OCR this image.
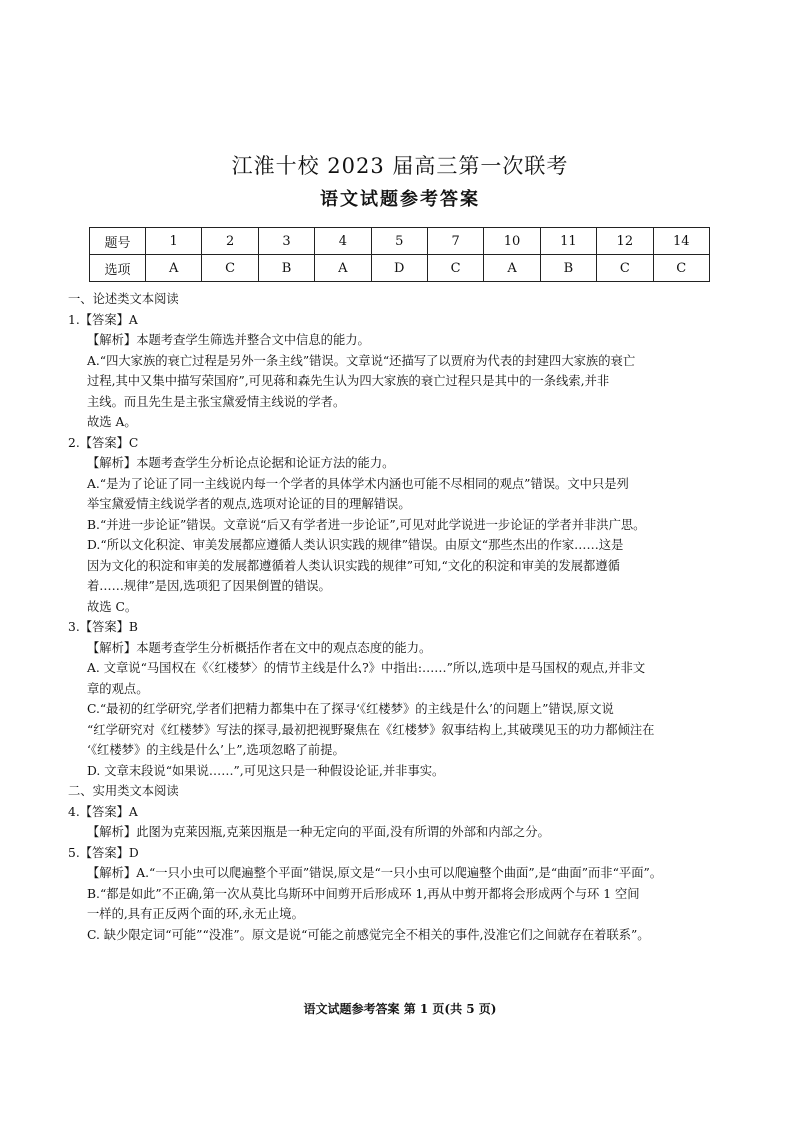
江淮十校 2023 届高三第一次联考
语文试题参考答案
题号	1	2	3	4	5	7	10	11	12	14
选项	A	C	B	A	D	C	A	B	C	C

一、论述类文本阅读

1.【答案】A

【解析】本题考查学生筛选并整合文中信息的能力。

A.“四大家族的衰亡过程是另外一条主线”错误。文章说“还描写了以贾府为代表的封建四大家族的衰亡

过程,其中又集中描写荣国府”,可见蒋和森先生认为四大家族的衰亡过程只是其中的一条线索,并非

主线。而且先生是主张宝黛爱情主线说的学者。

故选 A。

2.【答案】C

【解析】本题考查学生分析论点论据和论证方法的能力。

A.“是为了论证了同一主线说内每一个学者的具体学术内涵也可能不尽相同的观点”错误。文中只是列

举宝黛爱情主线说学者的观点,选项对论证的目的理解错误。

B.“并进一步论证”错误。文章说“后又有学者进一步论证”,可见对此学说进一步论证的学者并非洪广思。

D.“所以文化积淀、审美发展都应遵循人类认识实践的规律”错误。由原文“那些杰出的作家……这是

因为文化的积淀和审美的发展都遵循着人类认识实践的规律”可知,“文化的积淀和审美的发展都遵循

着……规律”是因,选项犯了因果倒置的错误。

故选 C。

3.【答案】B

【解析】本题考查学生分析概括作者在文中的观点态度的能力。

A. 文章说“马国权在《〈红楼梦〉的情节主线是什么?》中指出:……”所以,选项中是马国权的观点,并非文

章的观点。

C.“最初的红学研究,学者们把精力都集中在了探寻‘《红楼梦》的主线是什么’的问题上”错误,原文说

“红学研究对《红楼梦》写法的探寻,最初把视野聚焦在《红楼梦》叙事结构上,其破璞见玉的功力都倾注在

‘《红楼梦》的主线是什么’上”,选项忽略了前提。

D. 文章末段说“如果说……”,可见这只是一种假设论证,并非事实。

二、实用类文本阅读

4.【答案】A

【解析】此图为克莱因瓶,克莱因瓶是一种无定向的平面,没有所谓的外部和内部之分。

5.【答案】D

【解析】A.“一只小虫可以爬遍整个平面”错误,原文是“一只小虫可以爬遍整个曲面”,是“曲面”而非“平面”。

B.“都是如此”不正确,第一次从莫比乌斯环中间剪开后形成环 1,再从中剪开都将会形成两个与环 1 空间

一样的,具有正反两个面的环,永无止境。

C. 缺少限定词“可能”“没准”。原文是说“可能之前感觉完全不相关的事件,没准它们之间就存在着联系”。

语文试题参考答案 第 1 页(共 5 页)
